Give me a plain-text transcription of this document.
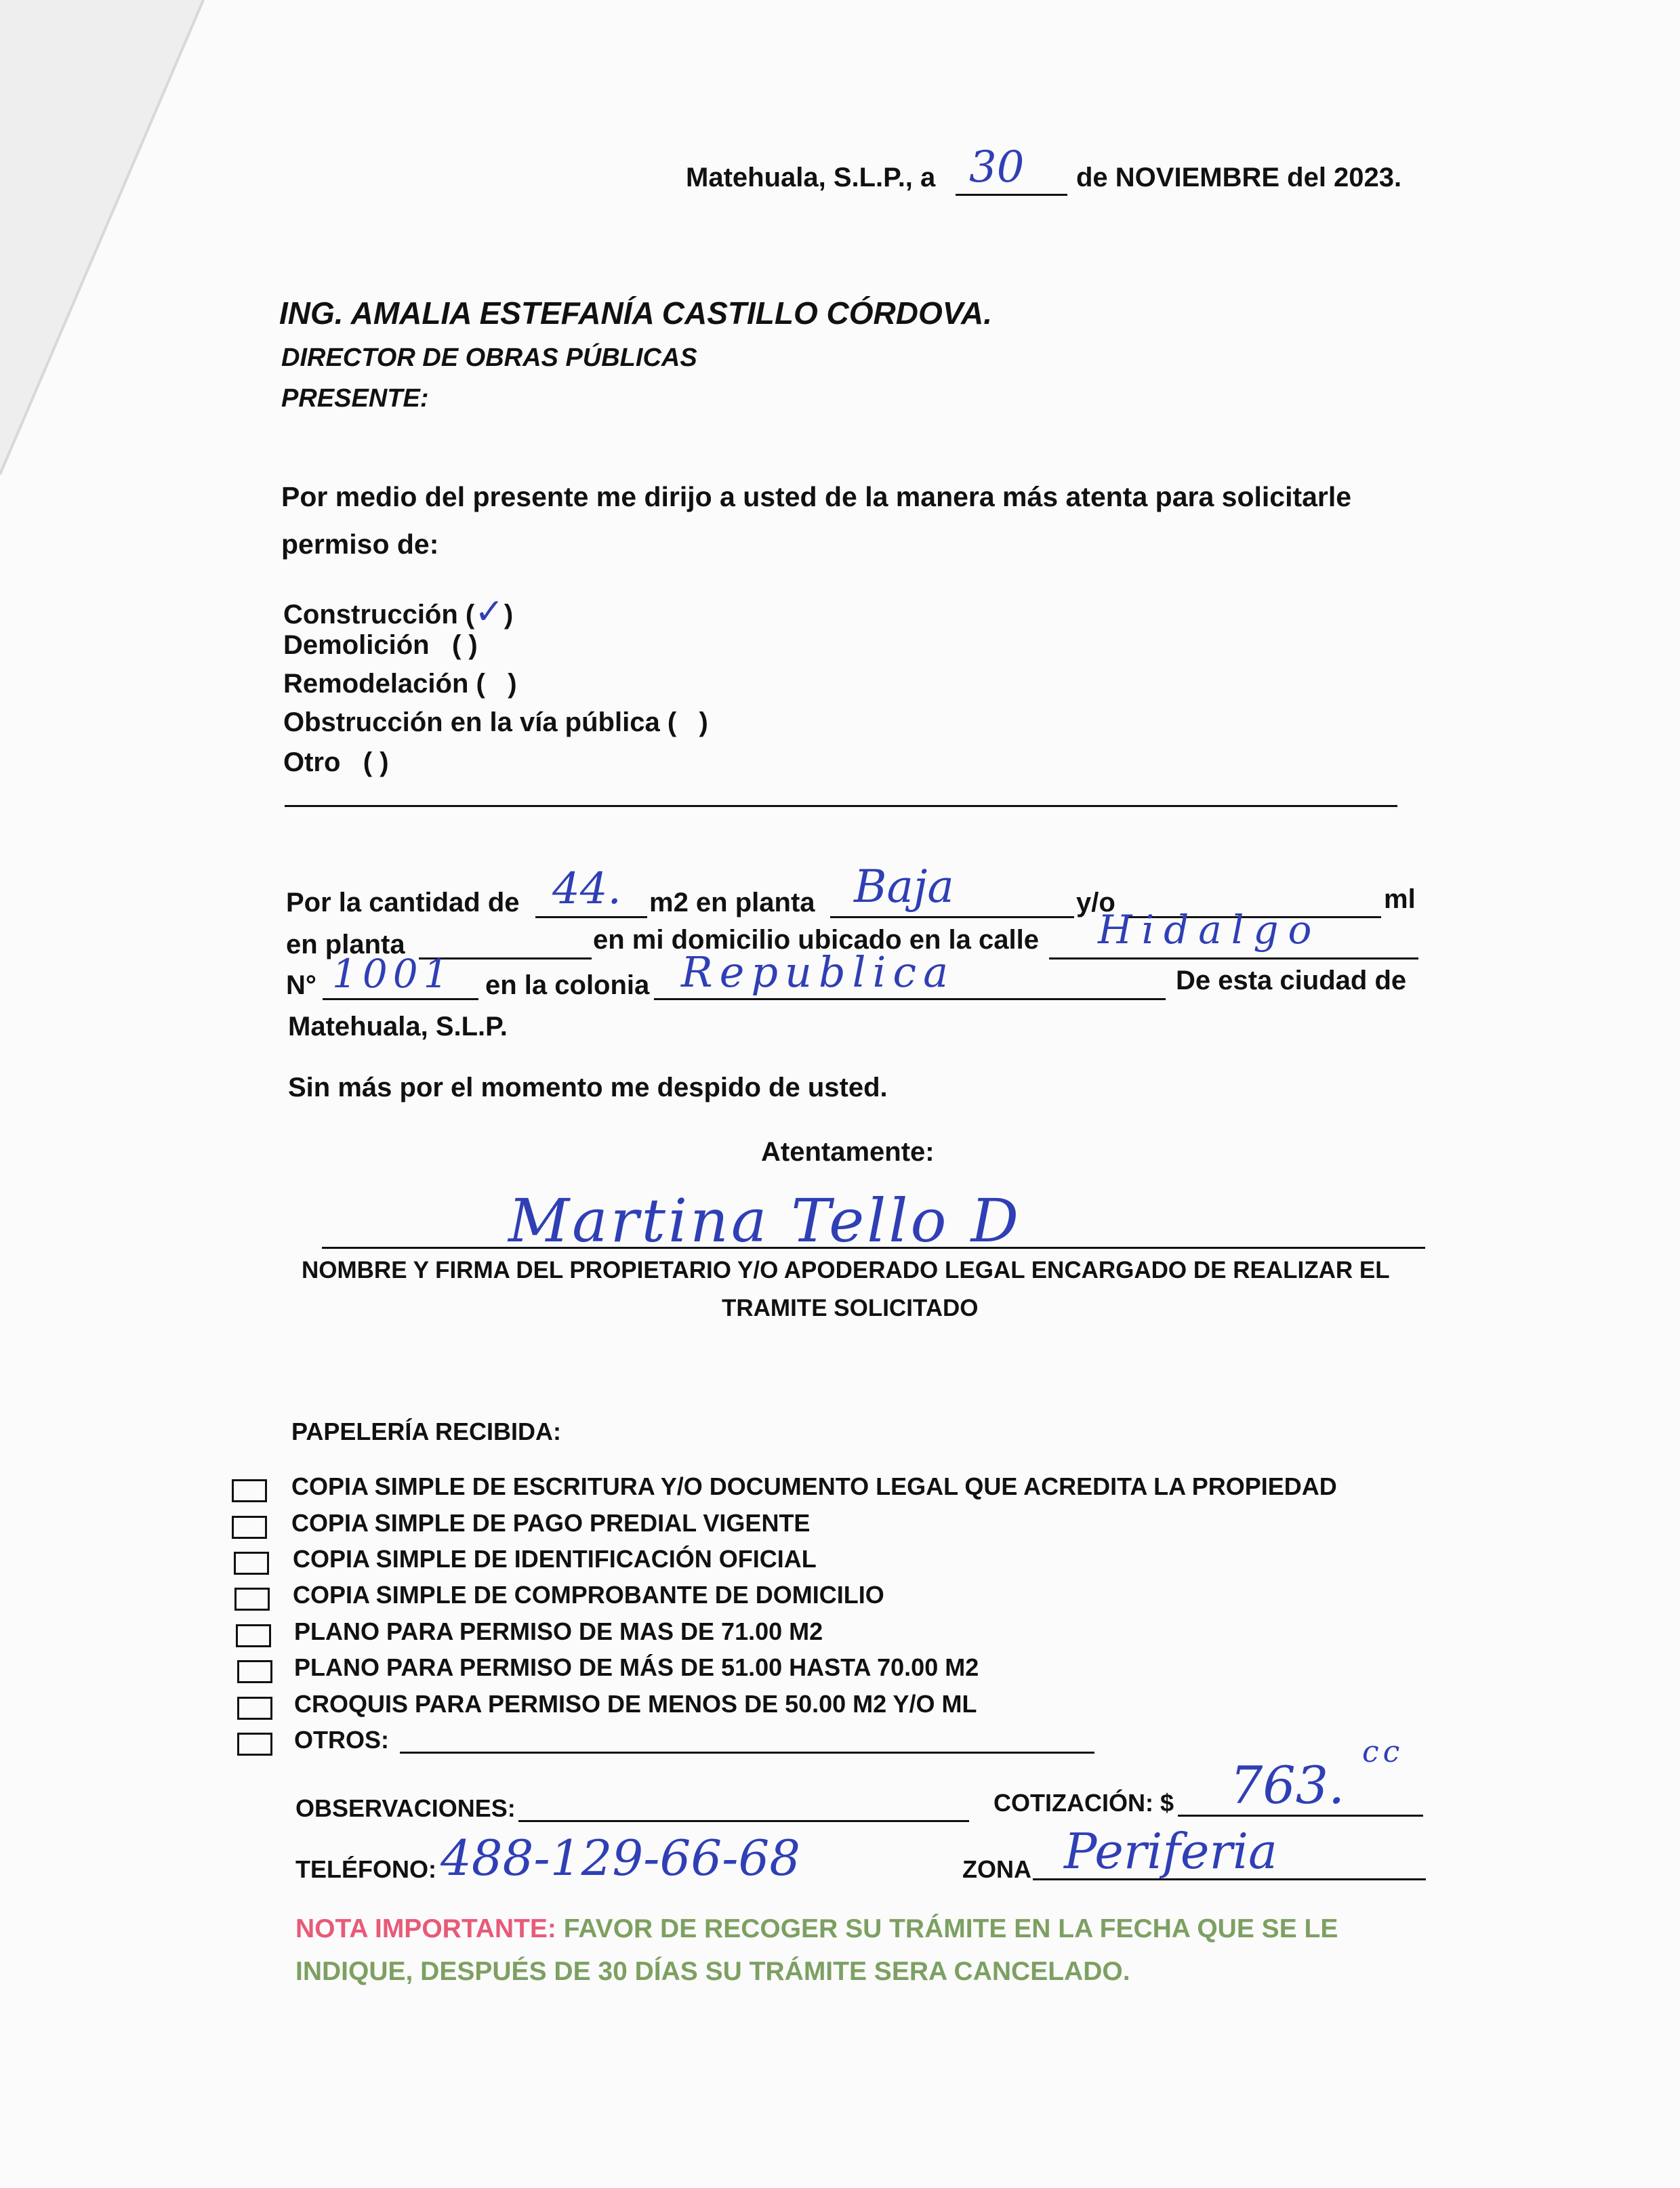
Matehuala, S.L.P., a 30 de NOVIEMBRE del 2023.
ING. AMALIA ESTEFANÍA CASTILLO CÓRDOVA.
DIRECTOR DE OBRAS PÚBLICAS
PRESENTE:
Por medio del presente me dirijo a usted de la manera más atenta para solicitarle
permiso de:
Construcción (✓)
Demolición ( )
Remodelación ( )
Obstrucción en la vía pública ( )
Otro ( )
Por la cantidad de 44. m2 en planta Baja	y/o	ml
en planta	en mi domicilio ubicado en la calle Hidalgo
N° 1001 en la colonia Republica	De esta ciudad de
Matehuala, S.L.P.
Sin más por el momento me despido de usted.
Atentamente:
Martina Tello D
NOMBRE Y FIRMA DEL PROPIETARIO Y/O APODERADO LEGAL ENCARGADO DE REALIZAR EL
TRAMITE SOLICITADO
PAPELERÍA RECIBIDA:
COPIA SIMPLE DE ESCRITURA Y/O DOCUMENTO LEGAL QUE ACREDITA LA PROPIEDAD
COPIA SIMPLE DE PAGO PREDIAL VIGENTE
COPIA SIMPLE DE IDENTIFICACIÓN OFICIAL
COPIA SIMPLE DE COMPROBANTE DE DOMICILIO
PLANO PARA PERMISO DE MAS DE 71.00 M2
PLANO PARA PERMISO DE MÁS DE 51.00 HASTA 70.00 M2
CROQUIS PARA PERMISO DE MENOS DE 50.00 M2 Y/O ML
OTROS:
OBSERVACIONES:	COTIZACIÓN: $ 763.
cc
TELÉFONO: 488-129-66-68	ZONA Periferia
NOTA IMPORTANTE: FAVOR DE RECOGER SU TRÁMITE EN LA FECHA QUE SE LE
INDIQUE, DESPUÉS DE 30 DÍAS SU TRÁMITE SERA CANCELADO.
